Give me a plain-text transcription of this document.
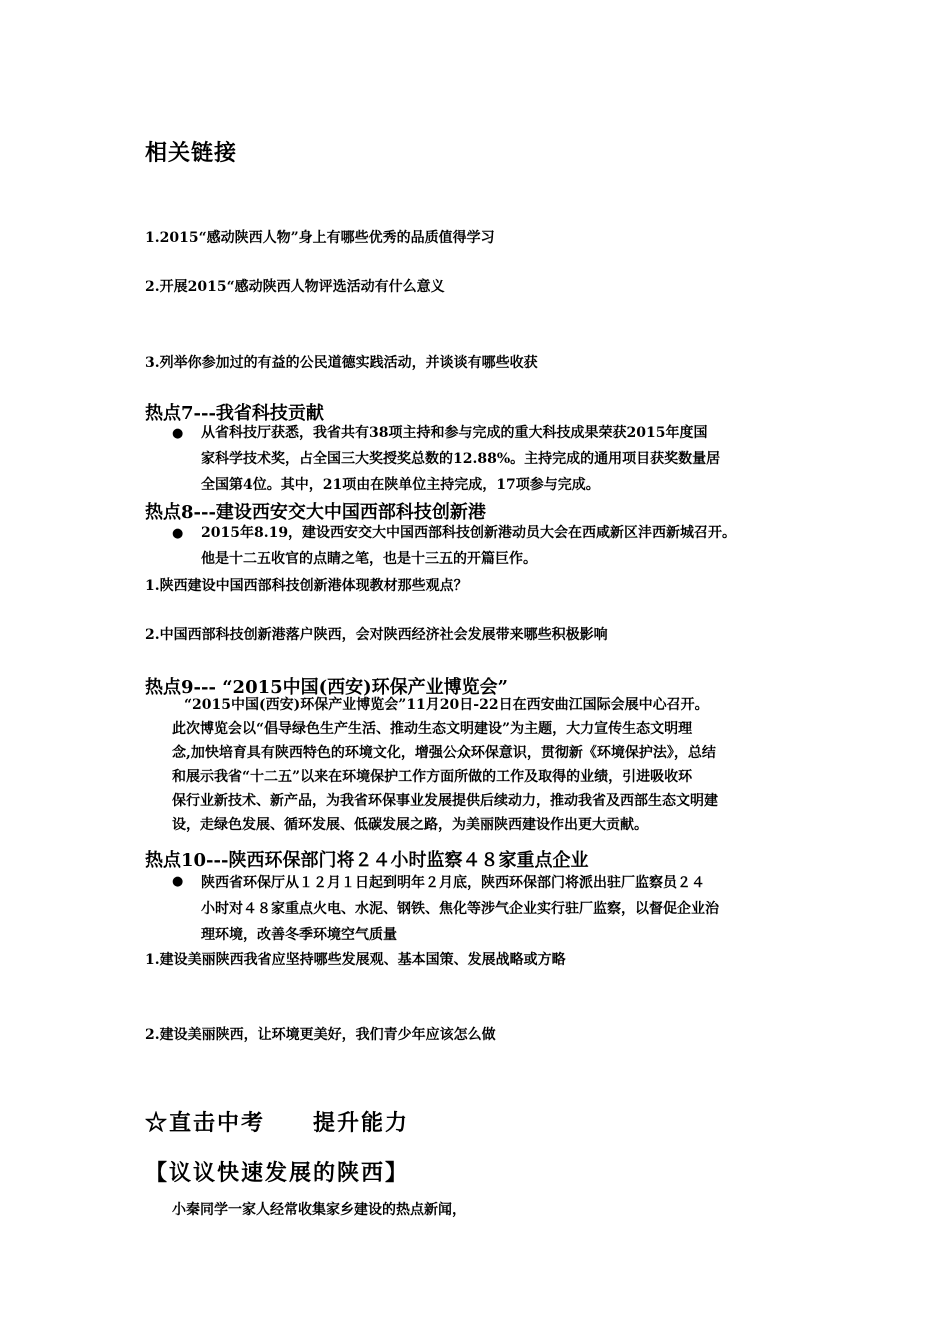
相关链接
1.2015“感动陕西人物”身上有哪些优秀的品质值得学习
2.开展2015“感动陕西人物评选活动有什么意义
3.列举你参加过的有益的公民道德实践活动，并谈谈有哪些收获
热点7---我省科技贡献
● 从省科技厅获悉，我省共有38项主持和参与完成的重大科技成果荣获2015年度国
家科学技术奖，占全国三大奖授奖总数的12.88%。主持完成的通用项目获奖数量居
全国第4位。其中，21项由在陕单位主持完成，17项参与完成。
热点8---建设西安交大中国西部科技创新港
● 2015年8.19，建设西安交大中国西部科技创新港动员大会在西咸新区沣西新城召开。
他是十二五收官的点睛之笔，也是十三五的开篇巨作。
1.陕西建设中国西部科技创新港体现教材那些观点？
2.中国西部科技创新港落户陕西，会对陕西经济社会发展带来哪些积极影响
热点9--- “2015中国(西安)环保产业博览会”
“2015中国(西安)环保产业博览会”11月20日-22日在西安曲江国际会展中心召开。
此次博览会以“倡导绿色生产生活、推动生态文明建设”为主题，大力宣传生态文明理
念,加快培育具有陕西特色的环境文化，增强公众环保意识，贯彻新《环境保护法》，总结
和展示我省“十二五”以来在环境保护工作方面所做的工作及取得的业绩，引进吸收环
保行业新技术、新产品，为我省环保事业发展提供后续动力，推动我省及西部生态文明建
设，走绿色发展、循环发展、低碳发展之路，为美丽陕西建设作出更大贡献。
热点10---陕西环保部门将２４小时监察４８家重点企业
● 陕西省环保厅从１２月１日起到明年２月底，陕西环保部门将派出驻厂监察员２４
小时对４８家重点火电、水泥、钢铁、焦化等涉气企业实行驻厂监察，以督促企业治
理环境，改善冬季环境空气质量
1.建设美丽陕西我省应坚持哪些发展观、基本国策、发展战略或方略
2.建设美丽陕西，让环境更美好，我们青少年应该怎么做
☆直击中考　　提升能力
【议议快速发展的陕西】
小秦同学一家人经常收集家乡建设的热点新闻，
